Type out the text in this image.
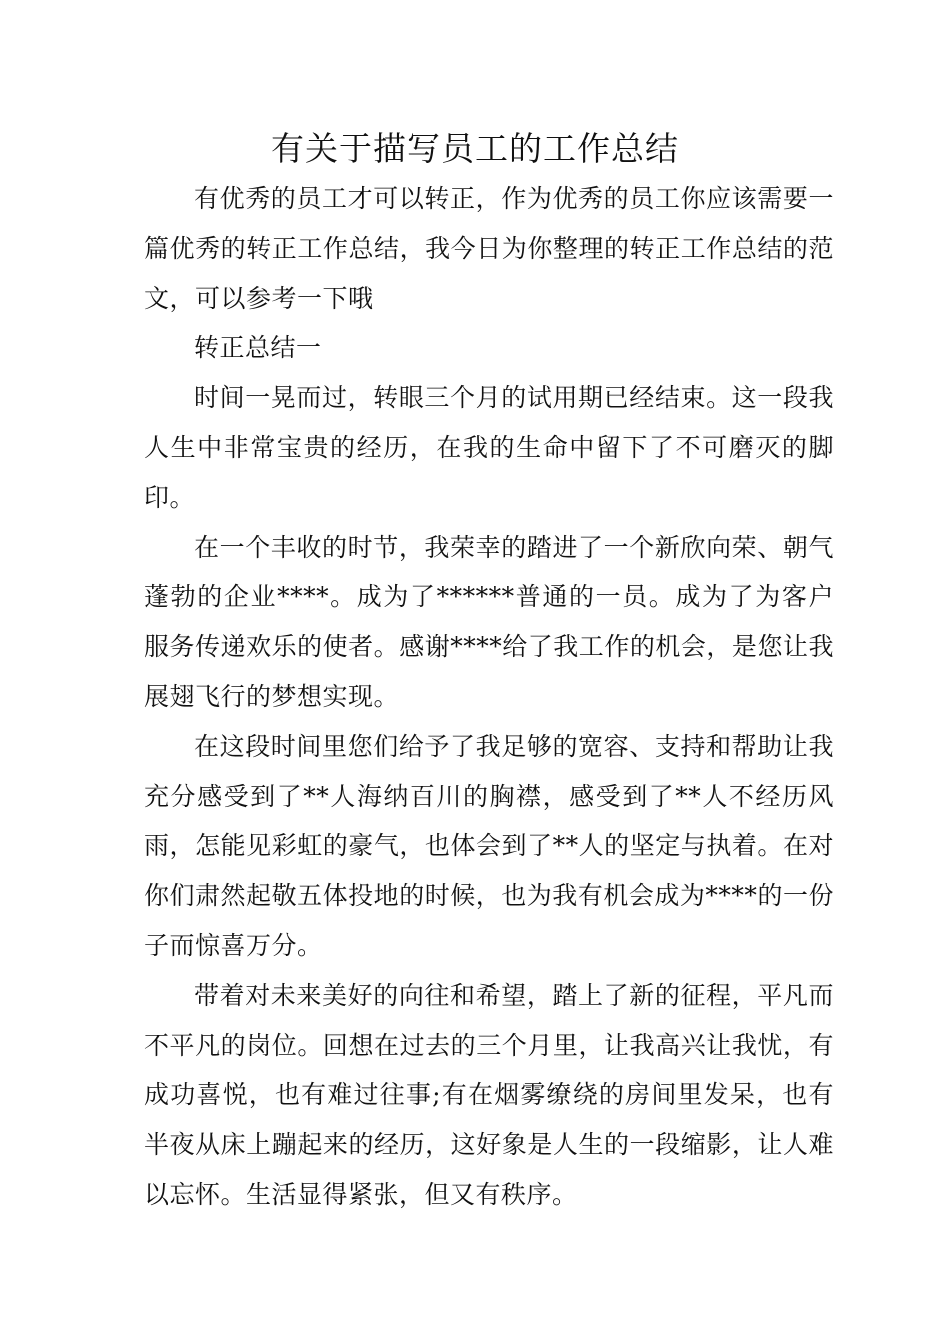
有关于描写员工的工作总结

有优秀的员工才可以转正，作为优秀的员工你应该需要一篇优秀的转正工作总结，我今日为你整理的转正工作总结的范文，可以参考一下哦

转正总结一

时间一晃而过，转眼三个月的试用期已经结束。这一段我人生中非常宝贵的经历，在我的生命中留下了不可磨灭的脚印。

在一个丰收的时节，我荣幸的踏进了一个新欣向荣、朝气蓬勃的企业****。成为了******普通的一员。成为了为客户服务传递欢乐的使者。感谢****给了我工作的机会，是您让我展翅飞行的梦想实现。

在这段时间里您们给予了我足够的宽容、支持和帮助让我充分感受到了**人海纳百川的胸襟，感受到了**人不经历风雨，怎能见彩虹的豪气，也体会到了**人的坚定与执着。在对你们肃然起敬五体投地的时候，也为我有机会成为****的一份子而惊喜万分。

带着对未来美好的向往和希望，踏上了新的征程，平凡而不平凡的岗位。回想在过去的三个月里，让我高兴让我忧，有成功喜悦，也有难过往事;有在烟雾缭绕的房间里发呆，也有半夜从床上蹦起来的经历，这好象是人生的一段缩影，让人难以忘怀。生活显得紧张，但又有秩序。
